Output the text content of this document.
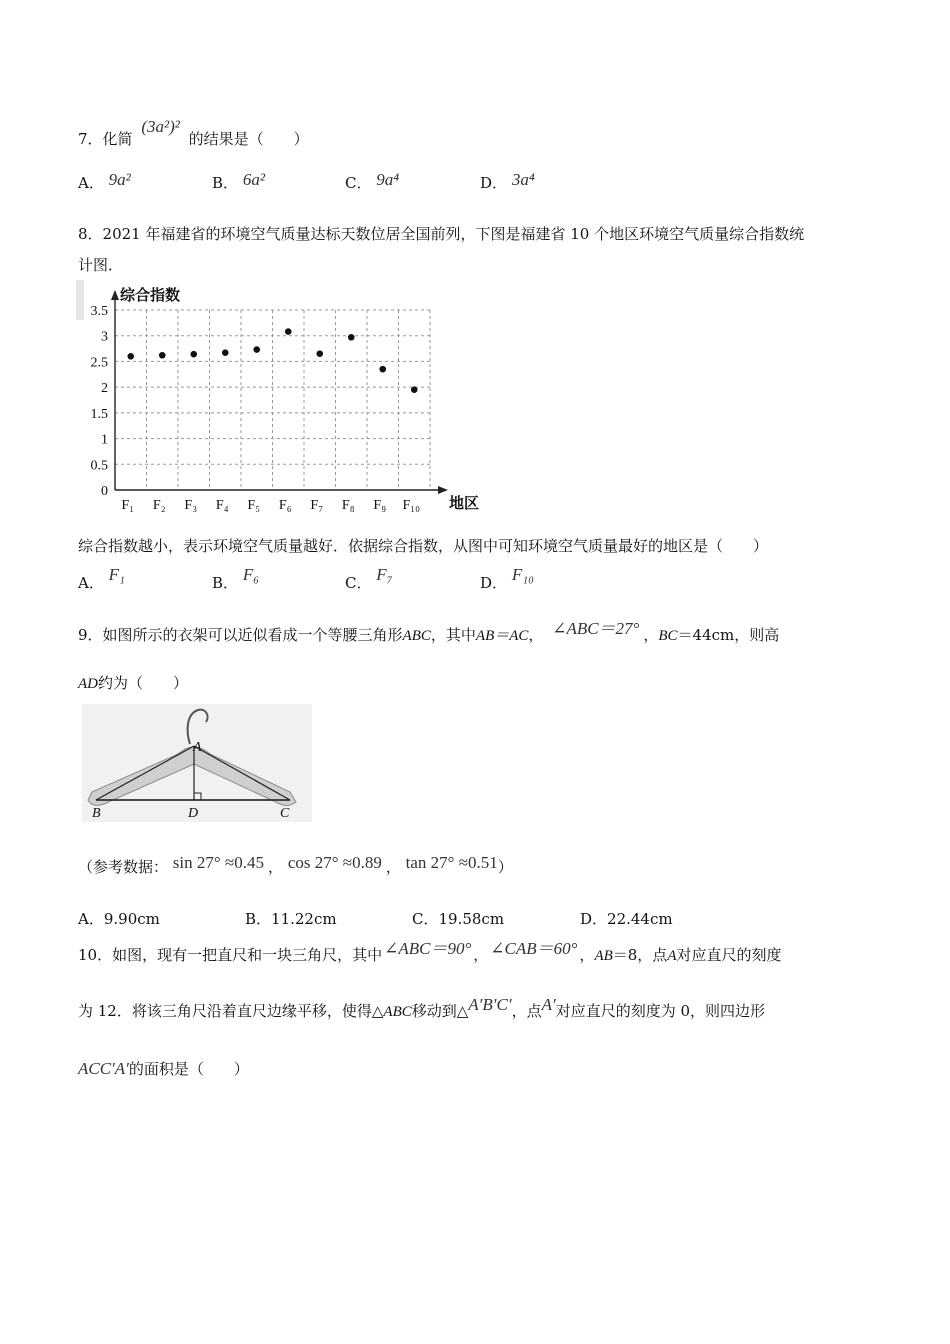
7．化简 (3a²)² 的结果是（　　）
A． 9a²	B． 6a²	C． 9a⁴	D． 3a⁴
8．2021 年福建省的环境空气质量达标天数位居全国前列，下图是福建省 10 个地区环境空气质量综合指数统
计图．
0
0.5
1
1.5
2
2.5
3
3.5
F₁ F₂ F₃ F₄ F₅ F₆ F₇ F₈ F₉ F₁₀
综合指数
地区
综合指数越小，表示环境空气质量越好．依据综合指数，从图中可知环境空气质量最好的地区是（　　）
A． F₁	B． F₆	C． F₇	D． F₁₀
9．如图所示的衣架可以近似看成一个等腰三角形ABC，其中AB＝AC， ∠ABC＝27° ，BC＝44cm，则高
AD约为（　　）
A
B	D	C
（参考数据： sin 27° ≈0.45 ， cos 27° ≈0.89 ， tan 27° ≈0.51）
A．9.90cm	B．11.22cm	C．19.58cm	D．22.44cm
10．如图，现有一把直尺和一块三角尺，其中 ∠ABC＝90° ， ∠CAB＝60° ，AB＝8，点A对应直尺的刻度
为 12．将该三角尺沿着直尺边缘平移，使得△ABC移动到△A′B′C′，点A′对应直尺的刻度为 0，则四边形
ACC′A′的面积是（　　）
